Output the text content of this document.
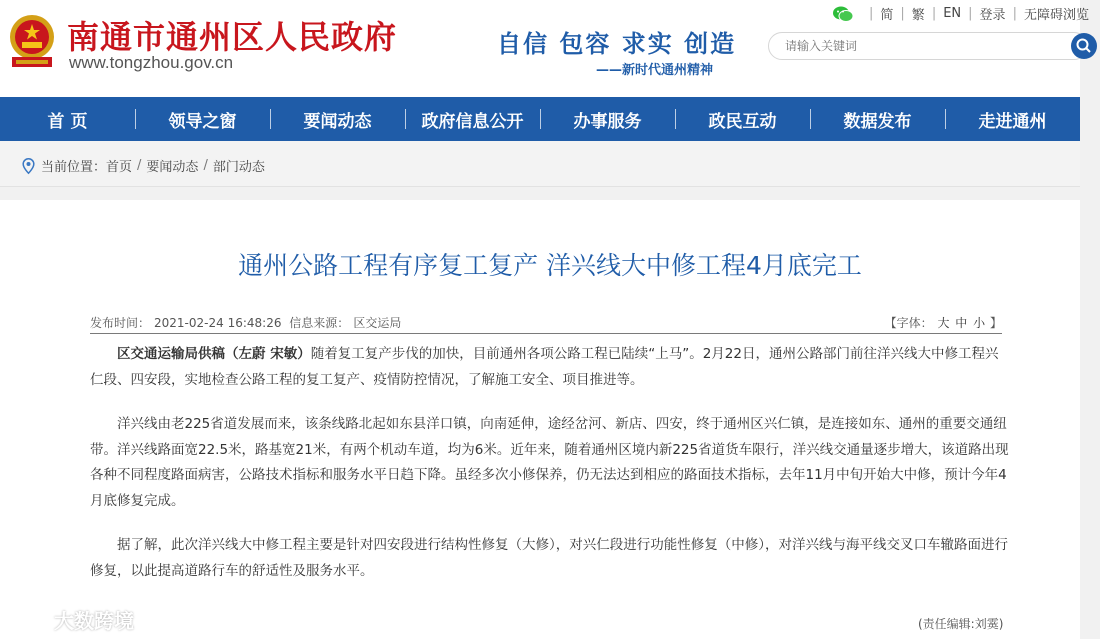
南通市通州区人民政府
www.tongzhou.gov.cn
自信 包容 求实 创造
——新时代通州精神
| 简 | 繁 | EN | 登录 | 无障碍浏览
请输入关键词
首 页	领导之窗	要闻动态	政府信息公开	办事服务	政民互动	数据发布	走进通州
当前位置： 首页 / 要闻动态 / 部门动态
通州公路工程有序复工复产 洋兴线大中修工程4月底完工
发布时间： 2021-02-24 16:48:26 信息来源： 区交运局	【字体： 大 中 小 】

区交通运输局供稿（左蔚 宋敏）随着复工复产步伐的加快，目前通州各项公路工程已陆续“上马”。2月22日，通州公路部门前往洋兴线大中修工程兴仁段、四安段，实地检查公路工程的复工复产、疫情防控情况，了解施工安全、项目推进等。

洋兴线由老225省道发展而来，该条线路北起如东县洋口镇，向南延伸，途经岔河、新店、四安，终于通州区兴仁镇，是连接如东、通州的重要交通纽带。洋兴线路面宽22.5米，路基宽21米，有两个机动车道，均为6米。近年来，随着通州区境内新225省道货车限行，洋兴线交通量逐步增大，该道路出现各种不同程度路面病害，公路技术指标和服务水平日趋下降。虽经多次小修保养，仍无法达到相应的路面技术指标，去年11月中旬开始大中修，预计今年4月底修复完成。

据了解，此次洋兴线大中修工程主要是针对四安段进行结构性修复（大修），对兴仁段进行功能性修复（中修），对洋兴线与海平线交叉口车辙路面进行修复，以此提高道路行车的舒适性及服务水平。

(责任编辑:刘霙)
大数跨境
